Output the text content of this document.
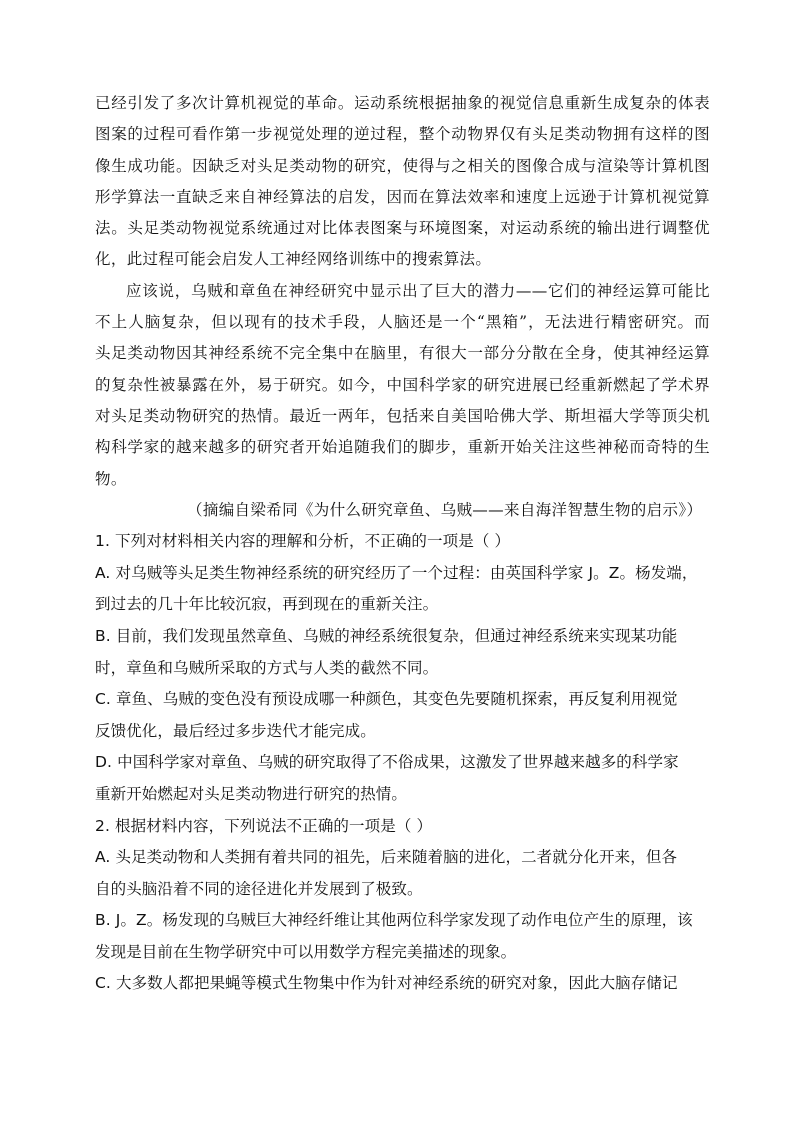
已经引发了多次计算机视觉的革命。运动系统根据抽象的视觉信息重新生成复杂的体表
图案的过程可看作第一步视觉处理的逆过程，整个动物界仅有头足类动物拥有这样的图
像生成功能。因缺乏对头足类动物的研究，使得与之相关的图像合成与渲染等计算机图
形学算法一直缺乏来自神经算法的启发，因而在算法效率和速度上远逊于计算机视觉算
法。头足类动物视觉系统通过对比体表图案与环境图案，对运动系统的输出进行调整优
化，此过程可能会启发人工神经网络训练中的搜索算法。
应该说，乌贼和章鱼在神经研究中显示出了巨大的潜力——它们的神经运算可能比
不上人脑复杂，但以现有的技术手段，人脑还是一个“黑箱”，无法进行精密研究。而
头足类动物因其神经系统不完全集中在脑里，有很大一部分分散在全身，使其神经运算
的复杂性被暴露在外，易于研究。如今，中国科学家的研究进展已经重新燃起了学术界
对头足类动物研究的热情。最近一两年，包括来自美国哈佛大学、斯坦福大学等顶尖机
构科学家的越来越多的研究者开始追随我们的脚步，重新开始关注这些神秘而奇特的生
物。
（摘编自梁希同《为什么研究章鱼、乌贼——来自海洋智慧生物的启示》）
1. 下列对材料相关内容的理解和分析，不正确的一项是（ ）
A. 对乌贼等头足类生物神经系统的研究经历了一个过程：由英国科学家 J。Z。杨发端，
到过去的几十年比较沉寂，再到现在的重新关注。
B. 目前，我们发现虽然章鱼、乌贼的神经系统很复杂，但通过神经系统来实现某功能
时，章鱼和乌贼所采取的方式与人类的截然不同。
C. 章鱼、乌贼的变色没有预设成哪一种颜色，其变色先要随机探索，再反复利用视觉
反馈优化，最后经过多步迭代才能完成。
D. 中国科学家对章鱼、乌贼的研究取得了不俗成果，这激发了世界越来越多的科学家
重新开始燃起对头足类动物进行研究的热情。
2. 根据材料内容，下列说法不正确的一项是（ ）
A. 头足类动物和人类拥有着共同的祖先，后来随着脑的进化，二者就分化开来，但各
自的头脑沿着不同的途径进化并发展到了极致。
B. J。Z。杨发现的乌贼巨大神经纤维让其他两位科学家发现了动作电位产生的原理，该
发现是目前在生物学研究中可以用数学方程完美描述的现象。
C. 大多数人都把果蝇等模式生物集中作为针对神经系统的研究对象，因此大脑存储记
